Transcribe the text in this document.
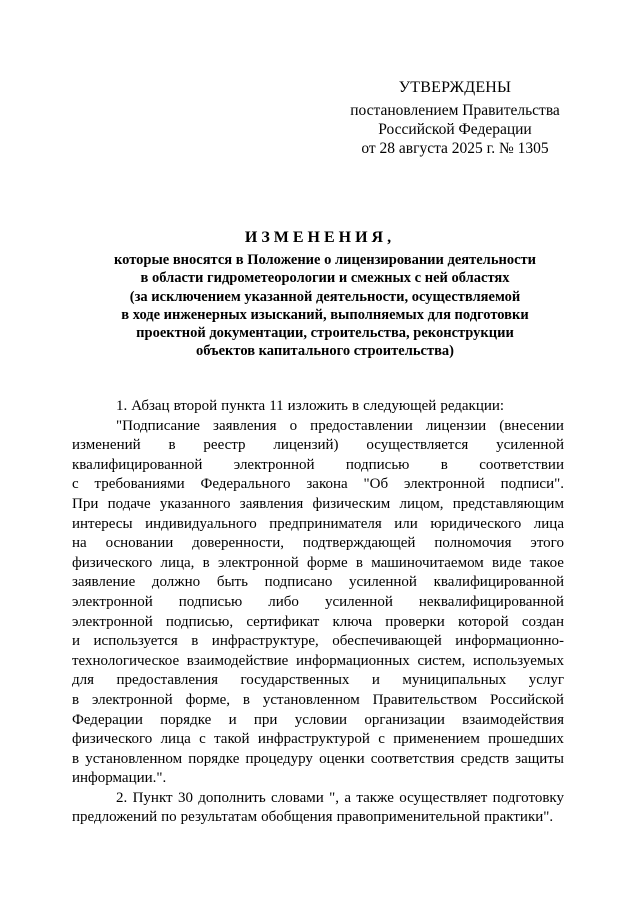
УТВЕРЖДЕНЫ
постановлением Правительства
Российской Федерации
от 28 августа 2025 г. № 1305
ИЗМЕНЕНИЯ,
которые вносятся в Положение о лицензировании деятельности
в области гидрометеорологии и смежных с ней областях
(за исключением указанной деятельности, осуществляемой
в ходе инженерных изысканий, выполняемых для подготовки
проектной документации, строительства, реконструкции
объектов капитального строительства)
1. Абзац второй пункта 11 изложить в следующей редакции:
"Подписание заявления о предоставлении лицензии (внесении
изменений в реестр лицензий) осуществляется усиленной
квалифицированной электронной подписью в соответствии
с требованиями Федерального закона "Об электронной подписи".
При подаче указанного заявления физическим лицом, представляющим
интересы индивидуального предпринимателя или юридического лица
на основании доверенности, подтверждающей полномочия этого
физического лица, в электронной форме в машиночитаемом виде такое
заявление должно быть подписано усиленной квалифицированной
электронной подписью либо усиленной неквалифицированной
электронной подписью, сертификат ключа проверки которой создан
и используется в инфраструктуре, обеспечивающей информационно-
технологическое взаимодействие информационных систем, используемых
для предоставления государственных и муниципальных услуг
в электронной форме, в установленном Правительством Российской
Федерации порядке и при условии организации взаимодействия
физического лица с такой инфраструктурой с применением прошедших
в установленном порядке процедуру оценки соответствия средств защиты
информации.".
2. Пункт 30 дополнить словами ", а также осуществляет подготовку
предложений по результатам обобщения правоприменительной практики".
